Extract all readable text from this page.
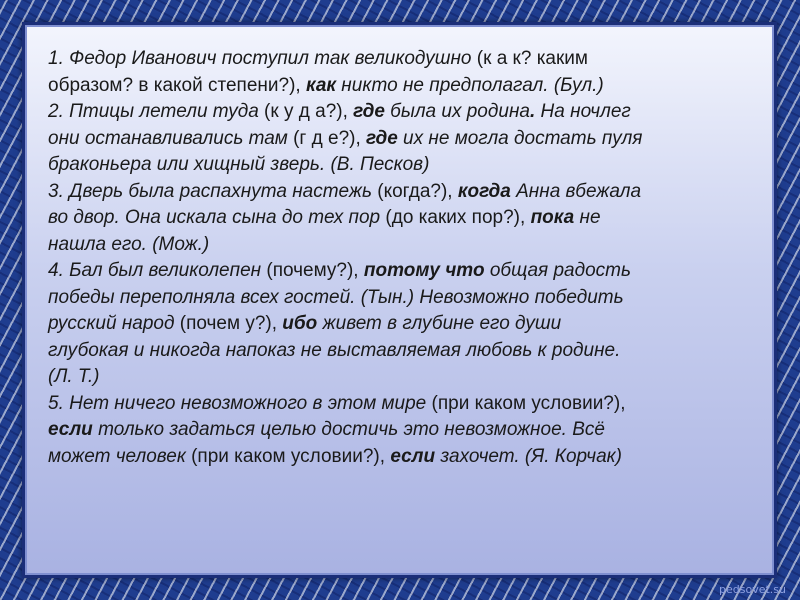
1. Федор Иванович поступил так великодушно (к а к? каким
образом? в какой степени?), как никто не предполагал. (Бул.)
2. Птицы летели туда (к у д а?), где была их родина. На ночлег
они останавливались там (г д е?), где их не могла достать пуля
браконьера или хищный зверь. (В. Песков)
3. Дверь была распахнута настежь (когда?), когда Анна вбежала
во двор. Она искала сына до тех пор (до каких пор?), пока не
нашла его. (Мож.)
4. Бал был великолепен (почему?), потому что общая радость
победы переполняла всех гостей. (Тын.) Невозможно победить
русский народ (почем у?), ибо живет в глубине его души
глубокая и никогда напоказ не выставляемая любовь к родине.
(Л. Т.)
5. Нет ничего невозможного в этом мире (при каком условии?),
если только задаться целью достичь это невозможное. Всё
может человек (при каком условии?), если захочет. (Я. Корчак)
pedsovet.su
